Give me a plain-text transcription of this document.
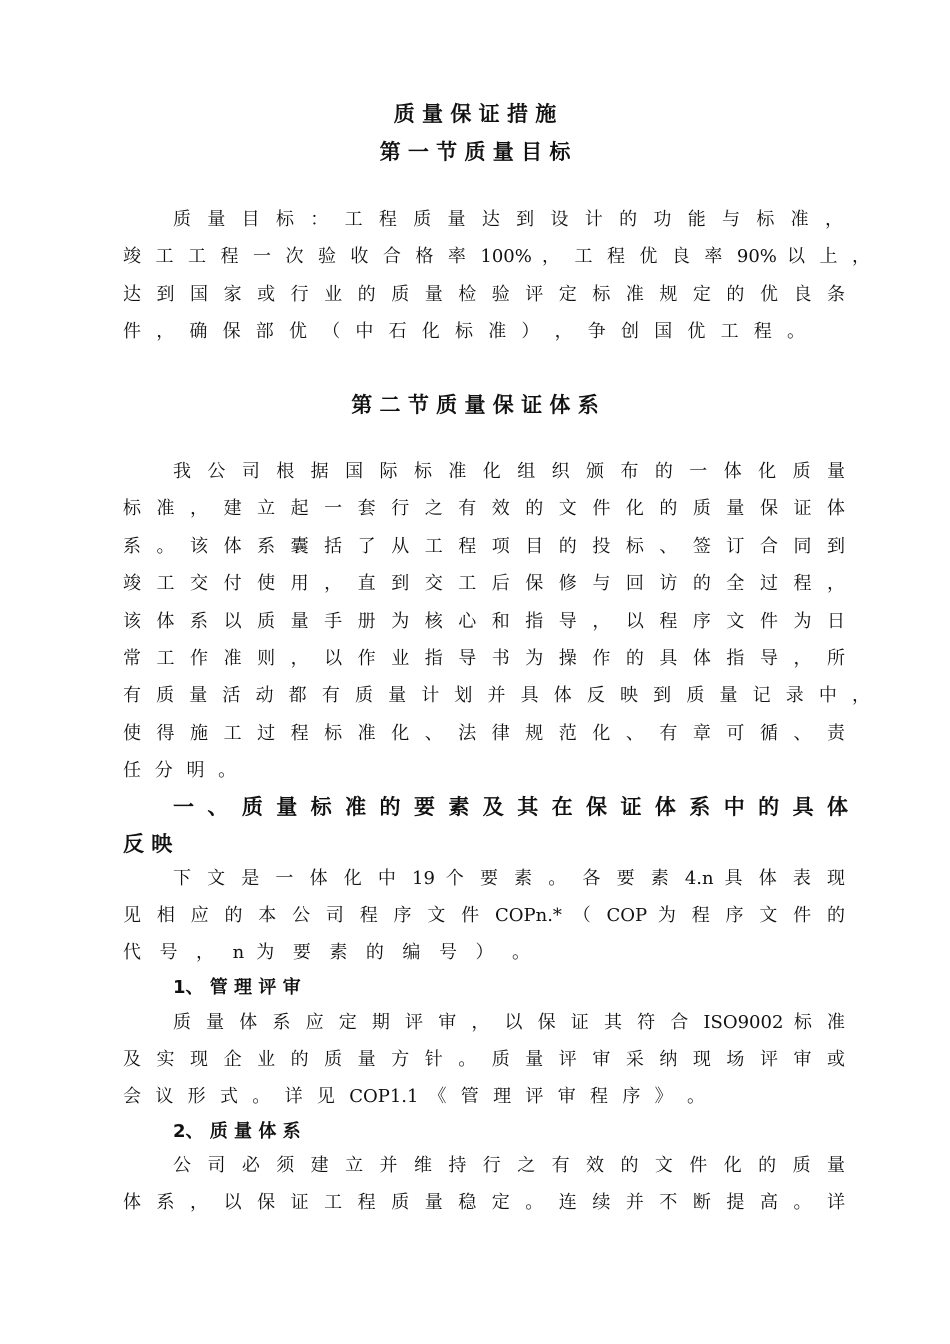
质 量 保 证 措 施
第 一 节 质 量 目 标
质 量 目 标 ： 工 程 质 量 达 到 设 计 的 功 能 与 标 准 ，
竣 工 工 程 一 次 验 收 合 格 率 100% ， 工 程 优 良 率 90% 以 上 ，
达 到 国 家 或 行 业 的 质 量 检 验 评 定 标 准 规 定 的 优 良 条
件 ， 确 保 部 优 （ 中 石 化 标 准 ） ， 争 创 国 优 工 程 。
第 二 节 质 量 保 证 体 系
我 公 司 根 据 国 际 标 准 化 组 织 颁 布 的 一 体 化 质 量
标 准 ， 建 立 起 一 套 行 之 有 效 的 文 件 化 的 质 量 保 证 体
系 。 该 体 系 囊 括 了 从 工 程 项 目 的 投 标 、 签 订 合 同 到
竣 工 交 付 使 用 ， 直 到 交 工 后 保 修 与 回 访 的 全 过 程 ，
该 体 系 以 质 量 手 册 为 核 心 和 指 导 ， 以 程 序 文 件 为 日
常 工 作 准 则 ， 以 作 业 指 导 书 为 操 作 的 具 体 指 导 ， 所
有 质 量 活 动 都 有 质 量 计 划 并 具 体 反 映 到 质 量 记 录 中 ，
使 得 施 工 过 程 标 准 化 、 法 律 规 范 化 、 有 章 可 循 、 责
任 分 明 。
一 、 质 量 标 准 的 要 素 及 其 在 保 证 体 系 中 的 具 体
反 映
下 文 是 一 体 化 中 19 个 要 素 。 各 要 素 4.n 具 体 表 现
见 相 应 的 本 公 司 程 序 文 件 COPn.* （ COP 为 程 序 文 件 的
代 号 ， n 为 要 素 的 编 号 ） 。
1、 管 理 评 审
质 量 体 系 应 定 期 评 审 ， 以 保 证 其 符 合 ISO9002 标 准
及 实 现 企 业 的 质 量 方 针 。 质 量 评 审 采 纳 现 场 评 审 或
会 议 形 式 。 详 见 COP1.1 《 管 理 评 审 程 序 》 。
2、 质 量 体 系
公 司 必 须 建 立 并 维 持 行 之 有 效 的 文 件 化 的 质 量
体 系 ， 以 保 证 工 程 质 量 稳 定 。 连 续 并 不 断 提 高 。 详
